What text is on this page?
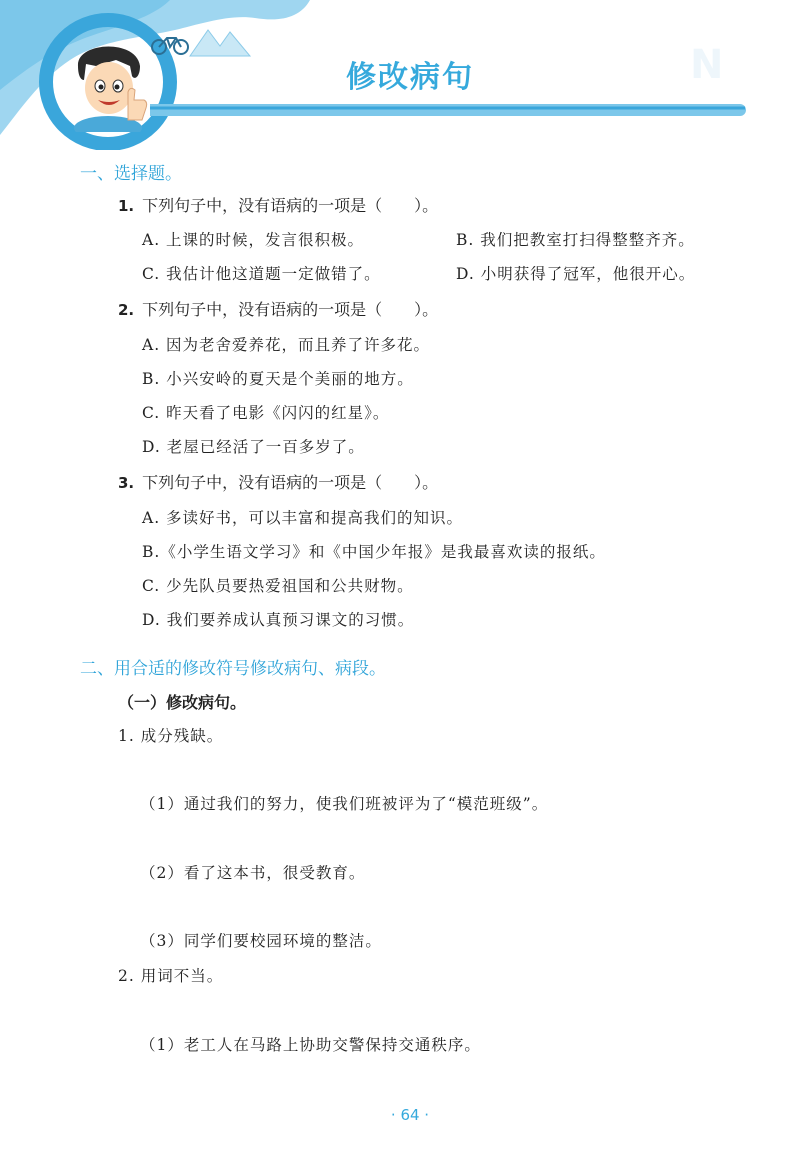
N
修改病句
一、选择题。
1. 下列句子中，没有语病的一项是（　　）。
A. 上课的时候，发言很积极。	B. 我们把教室打扫得整整齐齐。
C. 我估计他这道题一定做错了。	D. 小明获得了冠军，他很开心。
2. 下列句子中，没有语病的一项是（　　）。
A. 因为老舍爱养花，而且养了许多花。
B. 小兴安岭的夏天是个美丽的地方。
C. 昨天看了电影《闪闪的红星》。
D. 老屋已经活了一百多岁了。
3. 下列句子中，没有语病的一项是（　　）。
A. 多读好书，可以丰富和提高我们的知识。
B.《小学生语文学习》和《中国少年报》是我最喜欢读的报纸。
C. 少先队员要热爱祖国和公共财物。
D. 我们要养成认真预习课文的习惯。
二、用合适的修改符号修改病句、病段。
（一）修改病句。
1. 成分残缺。
（1）通过我们的努力，使我们班被评为了“模范班级”。
（2）看了这本书，很受教育。
（3）同学们要校园环境的整洁。
2. 用词不当。
（1）老工人在马路上协助交警保持交通秩序。
· 64 ·
